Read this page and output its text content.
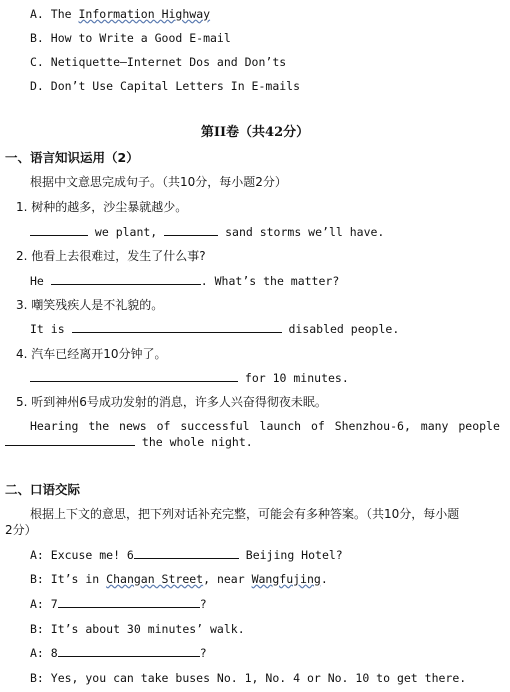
A. The Information Highway
B. How to Write a Good E-mail
C. Netiquette—Internet Dos and Don’ts
D. Don’t Use Capital Letters In E-mails
第II卷（共42分）
一、语言知识运用（2）
根据中文意思完成句子。（共10分，每小题2分）
1. 树种的越多，沙尘暴就越少。
we plant,	sand storms we’ll have.
2. 他看上去很难过，发生了什么事?
He	. What’s the matter?
3. 嘲笑残疾人是不礼貌的。
It is	disabled people.
4. 汽车已经离开10分钟了。
for 10 minutes.
5. 听到神州6号成功发射的消息，许多人兴奋得彻夜未眠。
Hearing the news of successful launch of Shenzhou-6, many people
the whole night.
二、口语交际
根据上下文的意思，把下列对话补充完整，可能会有多种答案。（共10分，每小题
2分）
A: Excuse me! 6	Beijing Hotel?
B: It’s in Changan Street, near Wangfujing.
A: 7	?
B: It’s about 30 minutes’ walk.
A: 8	?
B: Yes, you can take buses No. 1, No. 4 or No. 10 to get there.
